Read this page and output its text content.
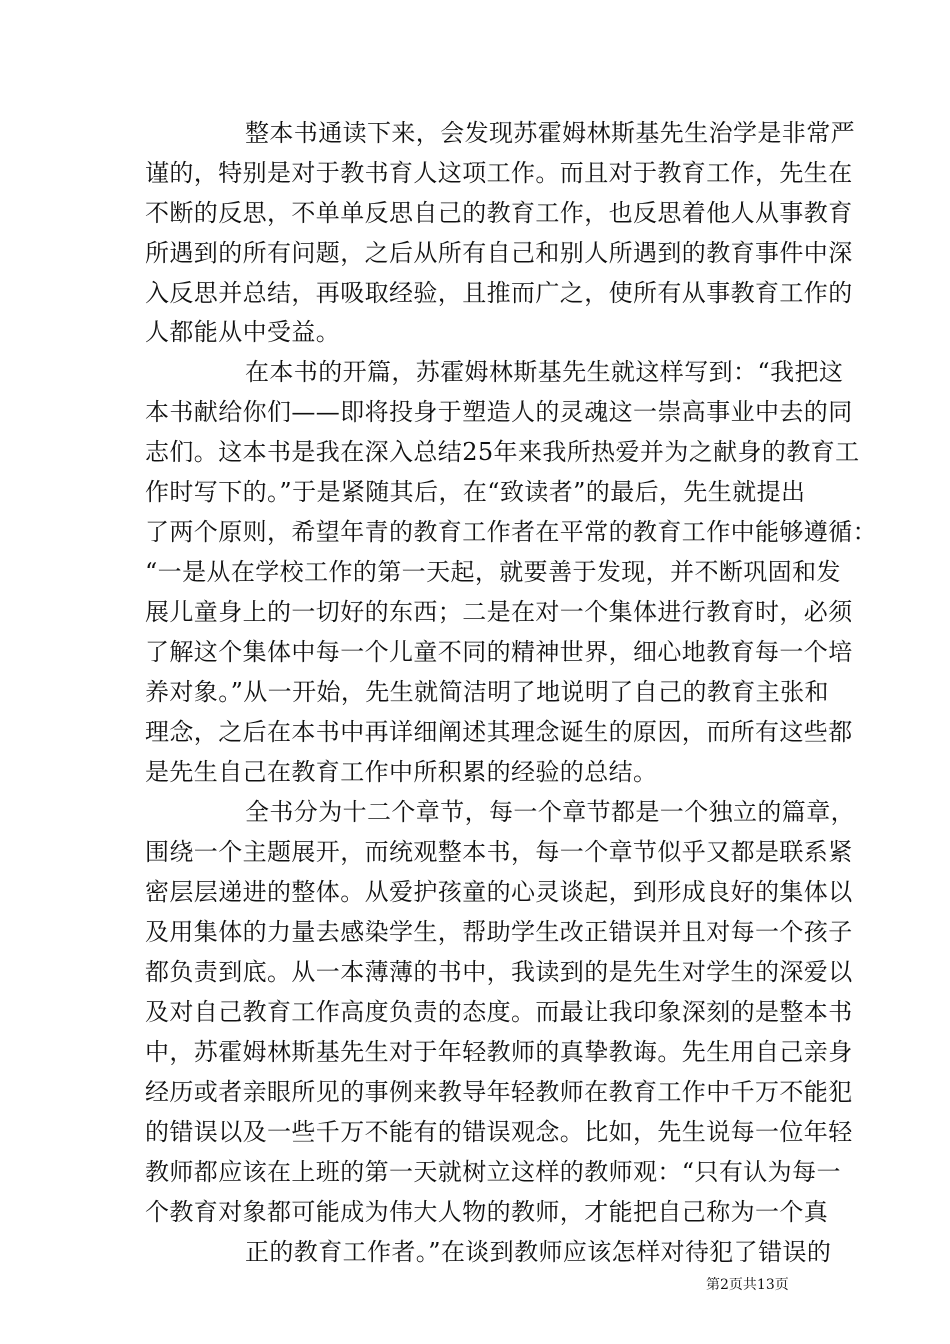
整本书通读下来，会发现苏霍姆林斯基先生治学是非常严
谨的，特别是对于教书育人这项工作。而且对于教育工作，先生在
不断的反思，不单单反思自己的教育工作，也反思着他人从事教育
所遇到的所有问题，之后从所有自己和别人所遇到的教育事件中深
入反思并总结，再吸取经验，且推而广之，使所有从事教育工作的
人都能从中受益。
在本书的开篇，苏霍姆林斯基先生就这样写到：“我把这
本书献给你们——即将投身于塑造人的灵魂这一崇高事业中去的同
志们。这本书是我在深入总结25年来我所热爱并为之献身的教育工
作时写下的。”于是紧随其后，在“致读者”的最后，先生就提出
了两个原则，希望年青的教育工作者在平常的教育工作中能够遵循：
“一是从在学校工作的第一天起，就要善于发现，并不断巩固和发
展儿童身上的一切好的东西；二是在对一个集体进行教育时，必须
了解这个集体中每一个儿童不同的精神世界，细心地教育每一个培
养对象。”从一开始，先生就简洁明了地说明了自己的教育主张和
理念，之后在本书中再详细阐述其理念诞生的原因，而所有这些都
是先生自己在教育工作中所积累的经验的总结。
全书分为十二个章节，每一个章节都是一个独立的篇章，
围绕一个主题展开，而统观整本书，每一个章节似乎又都是联系紧
密层层递进的整体。从爱护孩童的心灵谈起，到形成良好的集体以
及用集体的力量去感染学生，帮助学生改正错误并且对每一个孩子
都负责到底。从一本薄薄的书中，我读到的是先生对学生的深爱以
及对自己教育工作高度负责的态度。而最让我印象深刻的是整本书
中，苏霍姆林斯基先生对于年轻教师的真挚教诲。先生用自己亲身
经历或者亲眼所见的事例来教导年轻教师在教育工作中千万不能犯
的错误以及一些千万不能有的错误观念。比如，先生说每一位年轻
教师都应该在上班的第一天就树立这样的教师观：“只有认为每一
个教育对象都可能成为伟大人物的教师，才能把自己称为一个真
正的教育工作者。”在谈到教师应该怎样对待犯了错误的
第2页共13页
